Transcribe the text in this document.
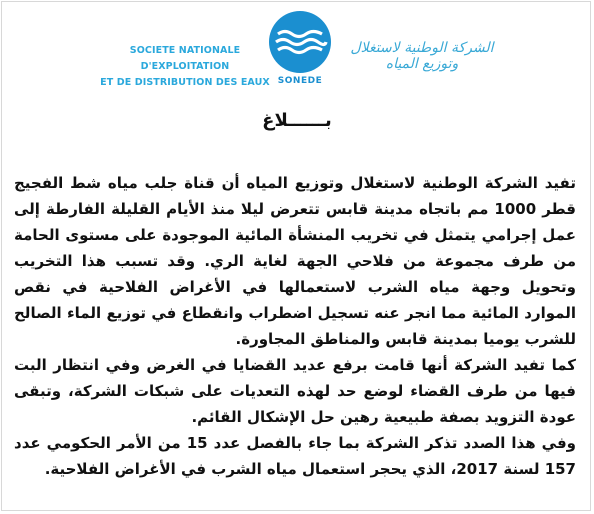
SOCIETE NATIONALE D'EXPLOITATION
ET DE DISTRIBUTION DES EAUX SONEDE
الشركة الوطنية لاستغلال وتوزيع المياه
بــــــلاغ

تفيد الشركة الوطنية لاستغلال وتوزيع المياه أن قناة جلب مياه شط الفجيج قطر 1000 مم باتجاه مدينة قابس تتعرض ليلا منذ الأيام القليلة الفارطة إلى عمل إجرامي يتمثل في تخريب المنشأة المائية الموجودة على مستوى الحامة من طرف مجموعة من فلاحي الجهة لغاية الري. وقد تسبب هذا التخريب وتحويل وجهة مياه الشرب لاستعمالها في الأغراض الفلاحية في نقص الموارد المائية مما انجر عنه تسجيل اضطراب وانقطاع في توزيع الماء الصالح للشرب يوميا بمدينة قابس والمناطق المجاورة.

كما تفيد الشركة أنها قامت برفع عديد القضايا في الغرض وفي انتظار البت فيها من طرف القضاء لوضع حد لهذه التعديات على شبكات الشركة، وتبقى عودة التزويد بصفة طبيعية رهين حل الإشكال القائم.

وفي هذا الصدد تذكر الشركة بما جاء بالفصل عدد 15 من الأمر الحكومي عدد 157 لسنة 2017، الذي يحجر استعمال مياه الشرب في الأغراض الفلاحية.
